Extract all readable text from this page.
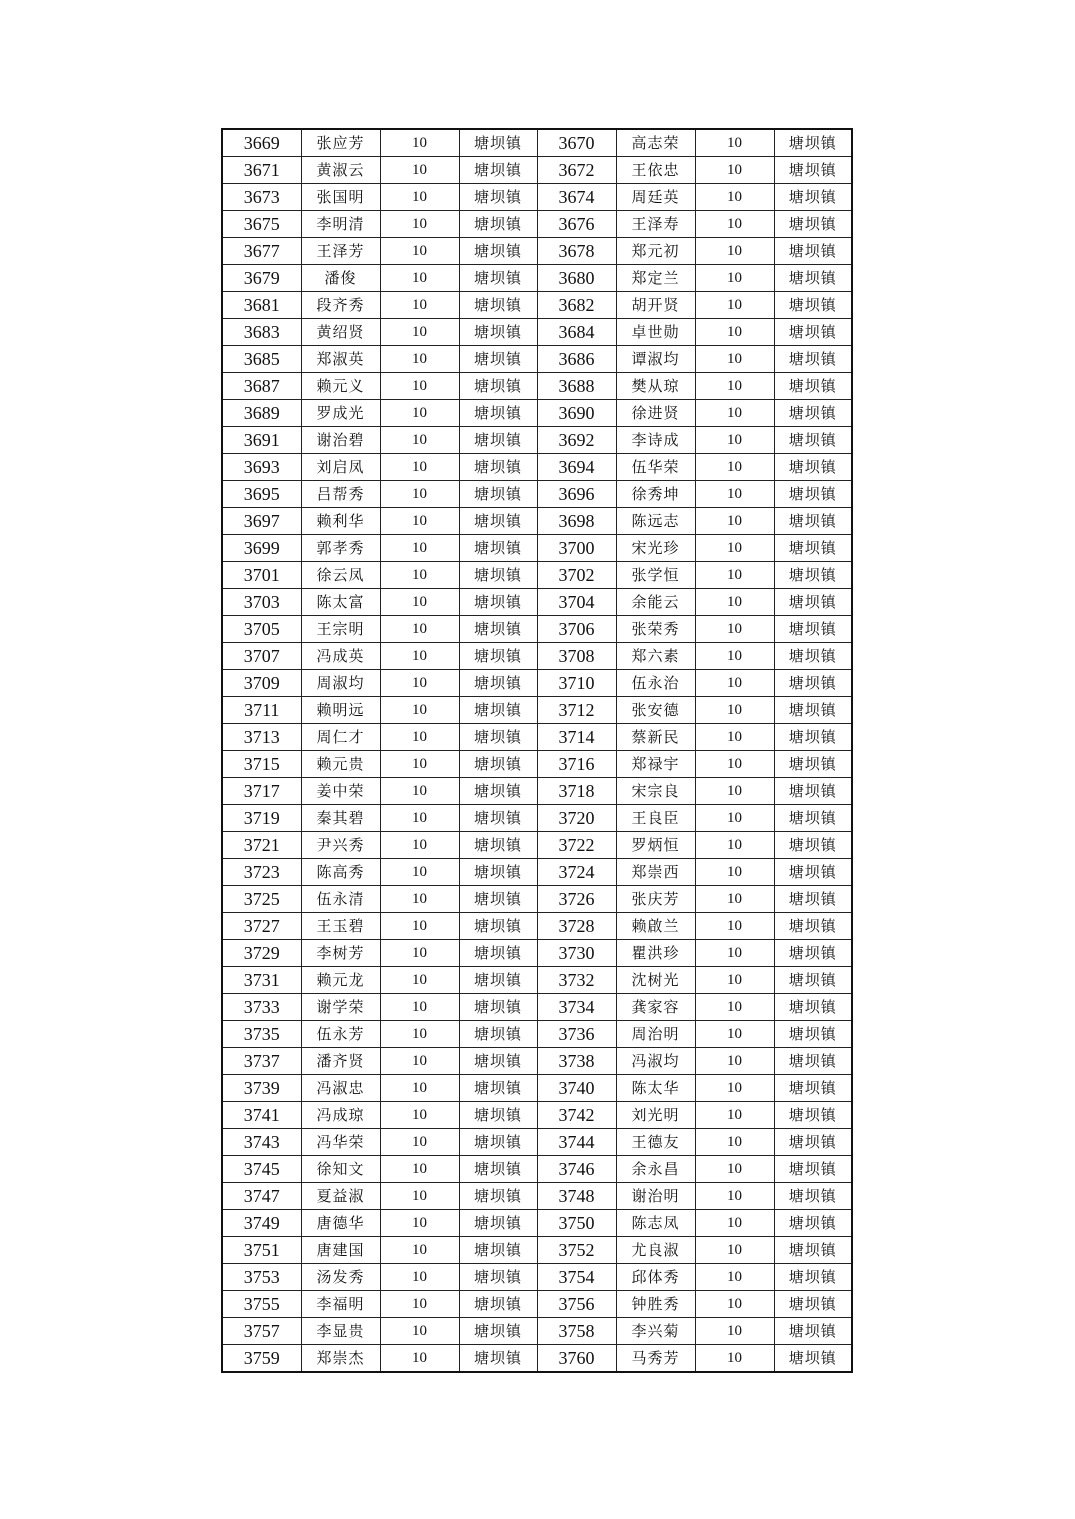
3669	张应芳	10	塘坝镇	3670	高志荣	10	塘坝镇
3671	黄淑云	10	塘坝镇	3672	王依忠	10	塘坝镇
3673	张国明	10	塘坝镇	3674	周廷英	10	塘坝镇
3675	李明清	10	塘坝镇	3676	王泽寿	10	塘坝镇
3677	王泽芳	10	塘坝镇	3678	郑元初	10	塘坝镇
3679	潘俊	10	塘坝镇	3680	郑定兰	10	塘坝镇
3681	段齐秀	10	塘坝镇	3682	胡开贤	10	塘坝镇
3683	黄绍贤	10	塘坝镇	3684	卓世勋	10	塘坝镇
3685	郑淑英	10	塘坝镇	3686	谭淑均	10	塘坝镇
3687	赖元义	10	塘坝镇	3688	樊从琼	10	塘坝镇
3689	罗成光	10	塘坝镇	3690	徐进贤	10	塘坝镇
3691	谢治碧	10	塘坝镇	3692	李诗成	10	塘坝镇
3693	刘启凤	10	塘坝镇	3694	伍华荣	10	塘坝镇
3695	吕帮秀	10	塘坝镇	3696	徐秀坤	10	塘坝镇
3697	赖利华	10	塘坝镇	3698	陈远志	10	塘坝镇
3699	郭孝秀	10	塘坝镇	3700	宋光珍	10	塘坝镇
3701	徐云凤	10	塘坝镇	3702	张学恒	10	塘坝镇
3703	陈太富	10	塘坝镇	3704	余能云	10	塘坝镇
3705	王宗明	10	塘坝镇	3706	张荣秀	10	塘坝镇
3707	冯成英	10	塘坝镇	3708	郑六素	10	塘坝镇
3709	周淑均	10	塘坝镇	3710	伍永治	10	塘坝镇
3711	赖明远	10	塘坝镇	3712	张安德	10	塘坝镇
3713	周仁才	10	塘坝镇	3714	蔡新民	10	塘坝镇
3715	赖元贵	10	塘坝镇	3716	郑禄宇	10	塘坝镇
3717	姜中荣	10	塘坝镇	3718	宋宗良	10	塘坝镇
3719	秦其碧	10	塘坝镇	3720	王良臣	10	塘坝镇
3721	尹兴秀	10	塘坝镇	3722	罗炳恒	10	塘坝镇
3723	陈高秀	10	塘坝镇	3724	郑崇西	10	塘坝镇
3725	伍永清	10	塘坝镇	3726	张庆芳	10	塘坝镇
3727	王玉碧	10	塘坝镇	3728	赖啟兰	10	塘坝镇
3729	李树芳	10	塘坝镇	3730	瞿洪珍	10	塘坝镇
3731	赖元龙	10	塘坝镇	3732	沈树光	10	塘坝镇
3733	谢学荣	10	塘坝镇	3734	龚家容	10	塘坝镇
3735	伍永芳	10	塘坝镇	3736	周治明	10	塘坝镇
3737	潘齐贤	10	塘坝镇	3738	冯淑均	10	塘坝镇
3739	冯淑忠	10	塘坝镇	3740	陈太华	10	塘坝镇
3741	冯成琼	10	塘坝镇	3742	刘光明	10	塘坝镇
3743	冯华荣	10	塘坝镇	3744	王德友	10	塘坝镇
3745	徐知文	10	塘坝镇	3746	余永昌	10	塘坝镇
3747	夏益淑	10	塘坝镇	3748	谢治明	10	塘坝镇
3749	唐德华	10	塘坝镇	3750	陈志凤	10	塘坝镇
3751	唐建国	10	塘坝镇	3752	尤良淑	10	塘坝镇
3753	汤发秀	10	塘坝镇	3754	邱体秀	10	塘坝镇
3755	李福明	10	塘坝镇	3756	钟胜秀	10	塘坝镇
3757	李显贵	10	塘坝镇	3758	李兴菊	10	塘坝镇
3759	郑崇杰	10	塘坝镇	3760	马秀芳	10	塘坝镇
